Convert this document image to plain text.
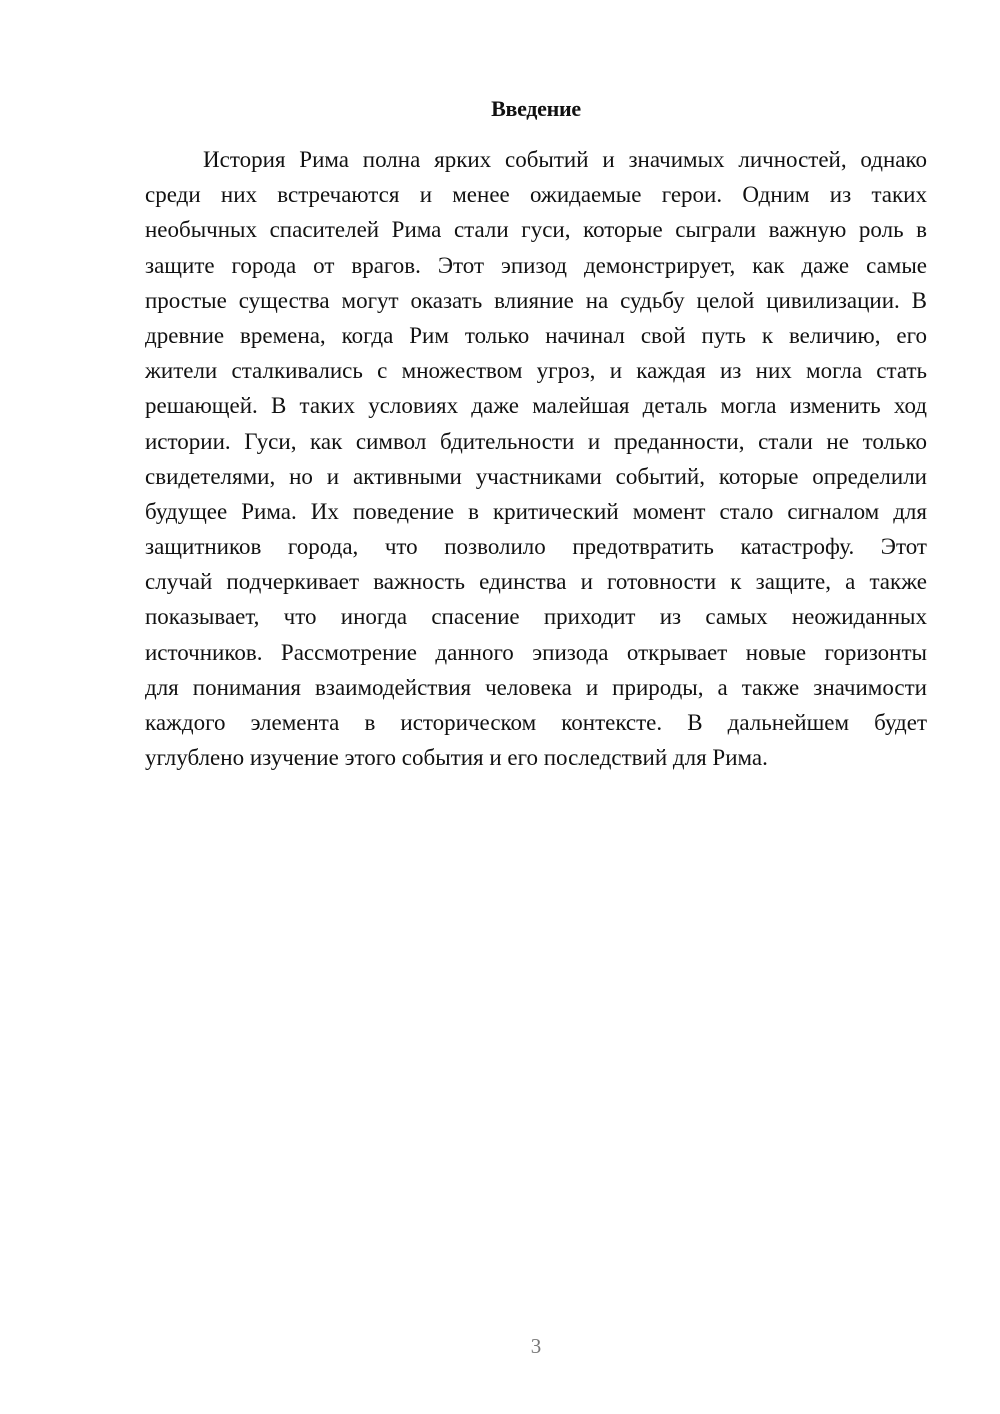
Введение
История Рима полна ярких событий и значимых личностей, однако
среди них встречаются и менее ожидаемые герои. Одним из таких
необычных спасителей Рима стали гуси, которые сыграли важную роль в
защите города от врагов. Этот эпизод демонстрирует, как даже самые
простые существа могут оказать влияние на судьбу целой цивилизации. В
древние времена, когда Рим только начинал свой путь к величию, его
жители сталкивались с множеством угроз, и каждая из них могла стать
решающей. В таких условиях даже малейшая деталь могла изменить ход
истории. Гуси, как символ бдительности и преданности, стали не только
свидетелями, но и активными участниками событий, которые определили
будущее Рима. Их поведение в критический момент стало сигналом для
защитников города, что позволило предотвратить катастрофу. Этот
случай подчеркивает важность единства и готовности к защите, а также
показывает, что иногда спасение приходит из самых неожиданных
источников. Рассмотрение данного эпизода открывает новые горизонты
для понимания взаимодействия человека и природы, а также значимости
каждого элемента в историческом контексте. В дальнейшем будет
углублено изучение этого события и его последствий для Рима.
3
